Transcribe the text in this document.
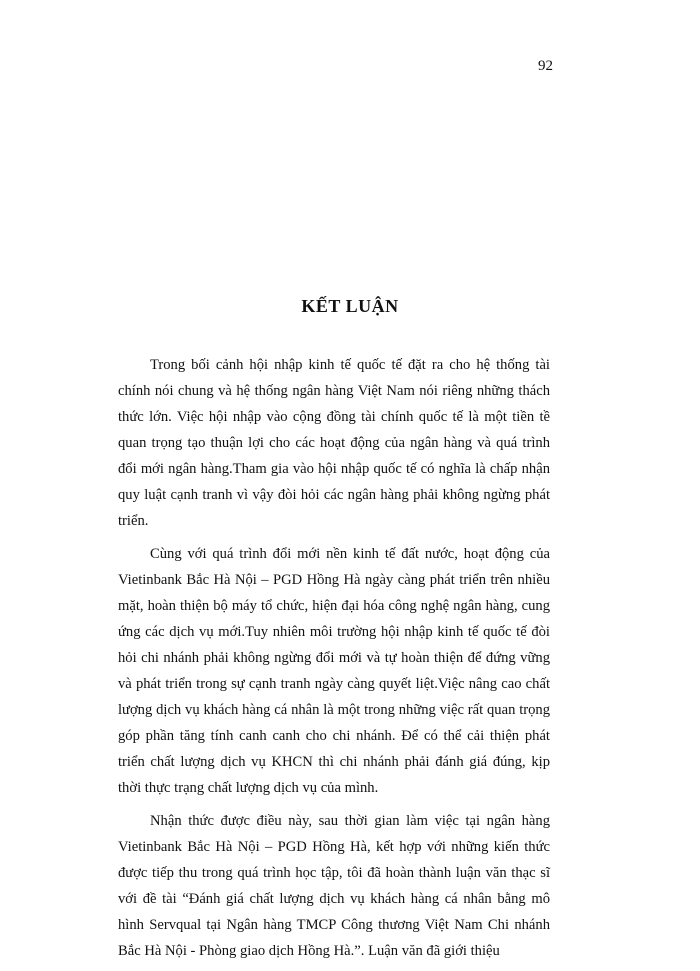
92
KẾT LUẬN

Trong bối cảnh hội nhập kinh tế quốc tế đặt ra cho hệ thống tài chính nói chung và hệ thống ngân hàng Việt Nam nói riêng những thách thức lớn. Việc hội nhập vào cộng đồng tài chính quốc tế là một tiền tề quan trọng tạo thuận lợi cho các hoạt động của ngân hàng và quá trình đổi mới ngân hàng.Tham gia vào hội nhập quốc tế có nghĩa là chấp nhận quy luật cạnh tranh vì vậy đòi hỏi các ngân hàng phải không ngừng phát triển.

Cùng với quá trình đổi mới nền kinh tế đất nước, hoạt động của Vietinbank Bắc Hà Nội – PGD Hồng Hà ngày càng phát triển trên nhiều mặt, hoàn thiện bộ máy tổ chức, hiện đại hóa công nghệ ngân hàng, cung ứng các dịch vụ mới.Tuy nhiên môi trường hội nhập kinh tế quốc tế đòi hỏi chi nhánh phải không ngừng đổi mới và tự hoàn thiện để đứng vững và phát triển trong sự cạnh tranh ngày càng quyết liệt.Việc nâng cao chất lượng dịch vụ khách hàng cá nhân là một trong những việc rất quan trọng góp phần tăng tính canh canh cho chi nhánh. Để có thể cải thiện phát triển chất lượng dịch vụ KHCN thì chi nhánh phải đánh giá đúng, kịp thời thực trạng chất lượng dịch vụ của mình.

Nhận thức được điều này, sau thời gian làm việc tại ngân hàng Vietinbank Bắc Hà Nội – PGD Hồng Hà, kết hợp với những kiến thức được tiếp thu trong quá trình học tập, tôi đã hoàn thành luận văn thạc sĩ với đề tài “Đánh giá chất lượng dịch vụ khách hàng cá nhân bằng mô hình Servqual tại Ngân hàng TMCP Công thương Việt Nam Chi nhánh Bắc Hà Nội - Phòng giao dịch Hồng Hà.”. Luận văn đã giới thiệu
